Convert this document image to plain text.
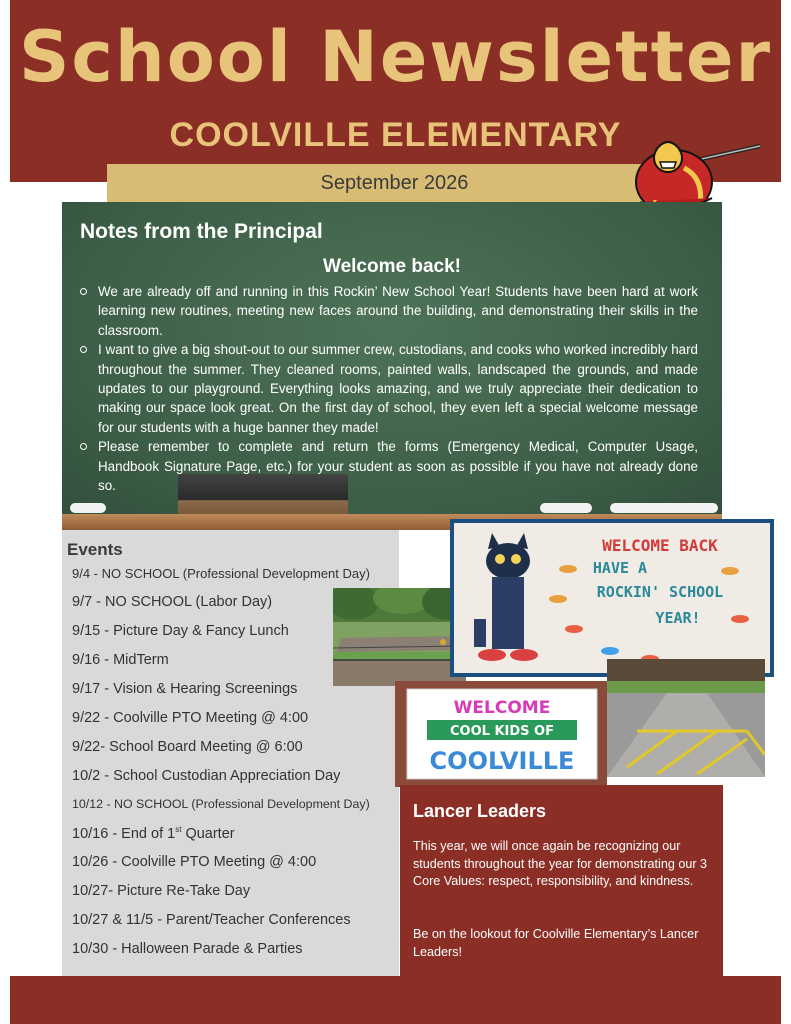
School Newsletter
COOLVILLE ELEMENTARY
September 2026
Notes from the Principal
Welcome back!
We are already off and running in this Rockin’ New School Year! Students have been hard at work learning new routines, meeting new faces around the building, and demonstrating their skills in the classroom.
I want to give a big shout-out to our summer crew, custodians, and cooks who worked incredibly hard throughout the summer. They cleaned rooms, painted walls, landscaped the grounds, and made updates to our playground. Everything looks amazing, and we truly appreciate their dedication to making our space look great. On the first day of school, they even left a special welcome message for our students with a huge banner they made!
Please remember to complete and return the forms (Emergency Medical, Computer Usage, Handbook Signature Page, etc.) for your student as soon as possible if you have not already done so.
Events
9/4 - NO SCHOOL (Professional Development Day)
9/7 - NO SCHOOL (Labor Day)
9/15 - Picture Day & Fancy Lunch
9/16 - MidTerm
9/17 - Vision & Hearing Screenings
9/22 - Coolville PTO Meeting @ 4:00
9/22- School Board Meeting @ 6:00
10/2 - School Custodian Appreciation Day
10/12 - NO SCHOOL (Professional Development Day)
10/16 - End of 1st Quarter
10/26 - Coolville PTO Meeting @ 4:00
10/27- Picture Re-Take Day
10/27 & 11/5 - Parent/Teacher Conferences
10/30 - Halloween Parade & Parties
WELCOME BACK
HAVE A
ROCKIN' SCHOOL
YEAR!
WELCOME
COOL KIDS OF
COOLVILLE
Lancer Leaders
This year, we will once again be recognizing our students throughout the year for demonstrating our 3 Core Values: respect, responsibility, and kindness.
Be on the lookout for Coolville Elementary’s Lancer Leaders!
